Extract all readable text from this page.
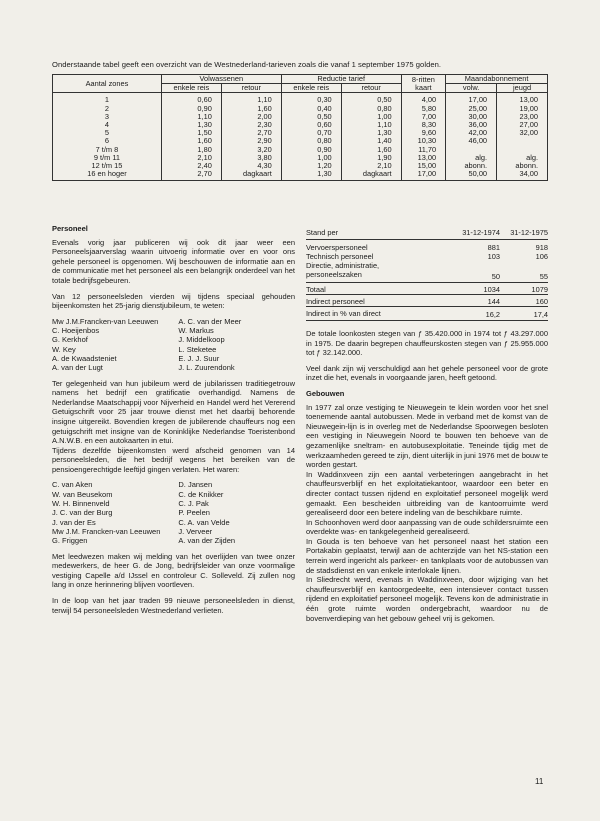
Onderstaande tabel geeft een overzicht van de Westnederland-tarieven zoals die vanaf 1 september 1975 golden.
Aantal zones	Volwassenen		Reductie tarief		8-ritten kaart	Maandabonnement	
	enkele reis	retour	enkele reis	retour		volw.	jeugd
1	0,60	1,10	0,30	0,50	4,00	17,00	13,00
2	0,90	1,60	0,40	0,80	5,80	25,00	19,00
3	1,10	2,00	0,50	1,00	7,00	30,00	23,00
4	1,30	2,30	0,60	1,10	8,30	36,00	27,00
5	1,50	2,70	0,70	1,30	9,60	42,00	32,00
6	1,60	2,90	0,80	1,40	10,30	46,00	
7 t/m 8	1,80	3,20	0,90	1,60	11,70		
9 t/m 11	2,10	3,80	1,00	1,90	13,00	alg.	alg.
12 t/m 15	2,40	4,30	1,20	2,10	15,00	abonn.	abonn.
16 en hoger	2,70	dagkaart	1,30	dagkaart	17,00	50,00	34,00
Personeel

Evenals vorig jaar publiceren wij ook dit jaar weer een Personeelsjaarverslag waarin uitvoerig informatie over en voor ons gehele personeel is opgenomen. Wij beschouwen de informatie aan en de communicatie met het personeel als een belangrijk onderdeel van het totale bedrijfsgebeuren.

Van 12 personeelsleden vierden wij tijdens speciaal gehouden bijeenkomsten het 25-jarig dienstjubileum, te weten:

Mw J.M.Francken-van Leeuwen	A. C. van der Meer
C. Hoeijenbos	W. Markus
G. Kerkhof	J. Middelkoop
W. Key	L. Steketee
A. de Kwaadsteniet	E. J. J. Suur
A. van der Lugt	J. L. Zuurendonk

Ter gelegenheid van hun jubileum werd de jubilarissen traditiegetrouw namens het bedrijf een gratificatie overhandigd. Namens de Nederlandse Maatschappij voor Nijverheid en Handel werd het Vererend Getuigschrift voor 25 jaar trouwe dienst met het daarbij behorende insigne uitgereikt. Bovendien kregen de jubilerende chauffeurs nog een getuigschrift met insigne van de Koninklijke Nederlandse Toeristenbond A.N.W.B. en een autokaarten in etui.

Tijdens dezelfde bijeenkomsten werd afscheid genomen van 14 personeelsleden, die het bedrijf wegens het bereiken van de pensioengerechtigde leeftijd gingen verlaten. Het waren:

C. van Aken	D. Jansen
W. van Beusekom	C. de Knikker
W. H. Binnenveld	C. J. Pak
J. C. van der Burg	P. Peelen
J. van der Es	C. A. van Velde
Mw J.M. Francken-van Leeuwen	J. Verveer
G. Friggen	A. van der Zijden

Met leedwezen maken wij melding van het overlijden van twee onzer medewerkers, de heer G. de Jong, bedrijfsleider van onze voormalige vestiging Capelle a/d IJssel en controleur C. Solleveld. Zij zullen nog lang in onze herinnering blijven voortleven.

In de loop van het jaar traden 99 nieuwe personeelsleden in dienst, terwijl 54 personeelsleden Westnederland verlieten.

Stand per	31-12-1974	31-12-1975
Vervoerspersoneel	881	918
Technisch personeel	103	106
Directie, administratie,		
personeelszaken	50	55
Totaal	1034	1079
Indirect personeel	144	160
Indirect in % van direct	16,2	17,4

De totale loonkosten stegen van ƒ 35.420.000 in 1974 tot ƒ 43.297.000 in 1975. De daarin begrepen chauffeurskosten stegen van ƒ 25.955.000 tot ƒ 32.142.000.

Veel dank zijn wij verschuldigd aan het gehele personeel voor de grote inzet die het, evenals in voorgaande jaren, heeft getoond.

Gebouwen

In 1977 zal onze vestiging te Nieuwegein te klein worden voor het snel toenemende aantal autobussen. Mede in verband met de komst van de Nieuwegein-lijn is in overleg met de Nederlandse Spoorwegen besloten een vestiging in Nieuwegein Noord te bouwen ten behoeve van de gezamenlijke sneltram- en autobusexploitatie. Teneinde tijdig met de werkzaamheden gereed te zijn, dient uiterlijk in juni 1976 met de bouw te worden gestart.

In Waddinxveen zijn een aantal verbeteringen aangebracht in het chauffeursverblijf en het exploitatiekantoor, waardoor een beter en directer contact tussen rijdend en exploitatief personeel mogelijk werd gemaakt. Een bescheiden uitbreiding van de kantoorruimte werd gerealiseerd door een betere indeling van de beschikbare ruimte.

In Schoonhoven werd door aanpassing van de oude schildersruimte een overdekte was- en tankgelegenheid gerealiseerd.

In Gouda is ten behoeve van het personeel naast het station een Portakabin geplaatst, terwijl aan de achterzijde van het NS-station een terrein werd ingericht als parkeer- en tankplaats voor de autobussen van de stadsdienst en van enkele interlokale lijnen.

In Sliedrecht werd, evenals in Waddinxveen, door wijziging van het chauffeursverblijf en kantoorgedeelte, een intensiever contact tussen rijdend en exploitatief personeel mogelijk. Tevens kon de administratie in één grote ruimte worden ondergebracht, waardoor nu de bovenverdieping van het gebouw geheel vrij is gekomen.

11
